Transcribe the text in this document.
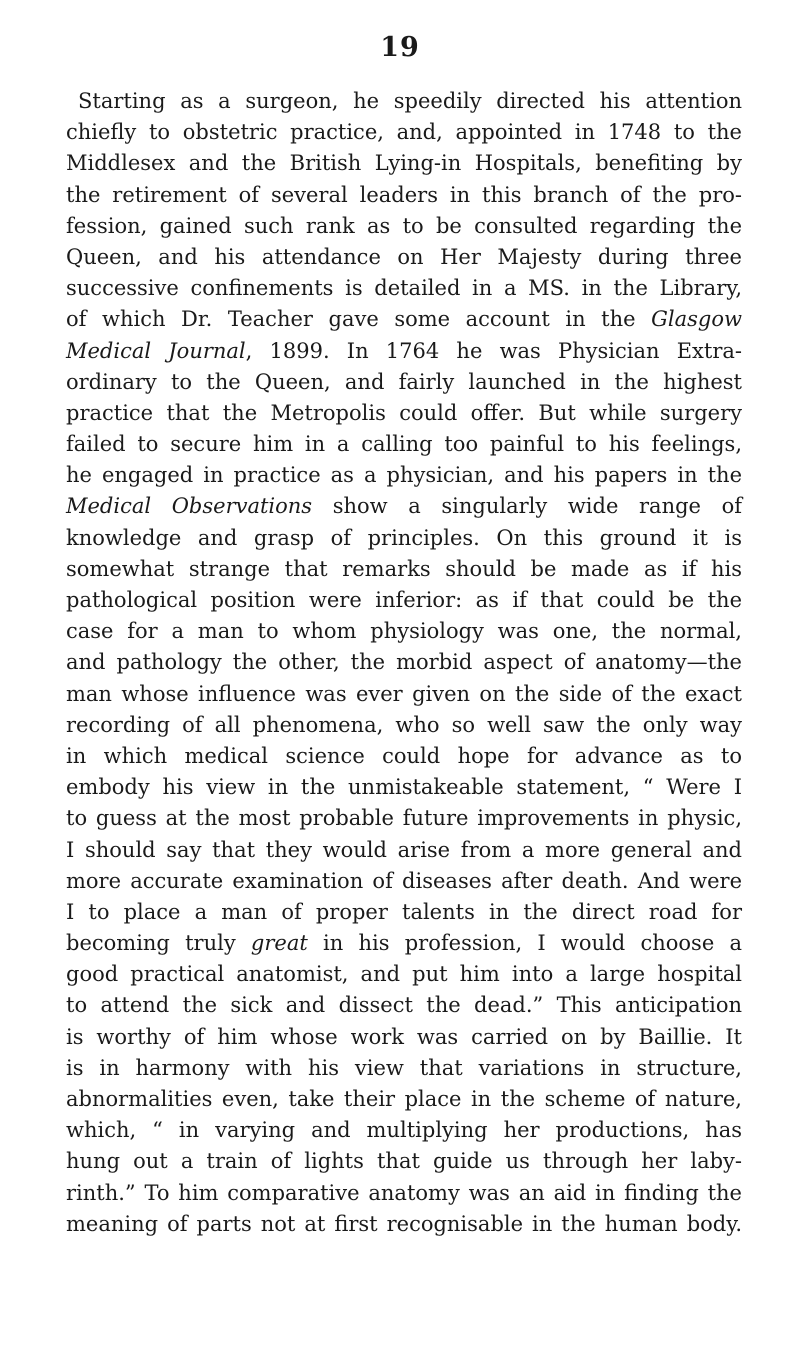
19
Starting as a surgeon, he speedily directed his attention
chiefly to obstetric practice, and, appointed in 1748 to the
Middlesex and the British Lying-in Hospitals, benefiting by
the retirement of several leaders in this branch of the pro-
fession, gained such rank as to be consulted regarding the
Queen, and his attendance on Her Majesty during three
successive confinements is detailed in a MS. in the Library,
of which Dr. Teacher gave some account in the Glasgow
Medical Journal, 1899. In 1764 he was Physician Extra-
ordinary to the Queen, and fairly launched in the highest
practice that the Metropolis could offer. But while surgery
failed to secure him in a calling too painful to his feelings,
he engaged in practice as a physician, and his papers in the
Medical Observations show a singularly wide range of
knowledge and grasp of principles. On this ground it is
somewhat strange that remarks should be made as if his
pathological position were inferior: as if that could be the
case for a man to whom physiology was one, the normal,
and pathology the other, the morbid aspect of anatomy—the
man whose influence was ever given on the side of the exact
recording of all phenomena, who so well saw the only way
in which medical science could hope for advance as to
embody his view in the unmistakeable statement, “ Were I
to guess at the most probable future improvements in physic,
I should say that they would arise from a more general and
more accurate examination of diseases after death. And were
I to place a man of proper talents in the direct road for
becoming truly great in his profession, I would choose a
good practical anatomist, and put him into a large hospital
to attend the sick and dissect the dead.” This anticipation
is worthy of him whose work was carried on by Baillie. It
is in harmony with his view that variations in structure,
abnormalities even, take their place in the scheme of nature,
which, “ in varying and multiplying her productions, has
hung out a train of lights that guide us through her laby-
rinth.” To him comparative anatomy was an aid in finding the
meaning of parts not at first recognisable in the human body.
